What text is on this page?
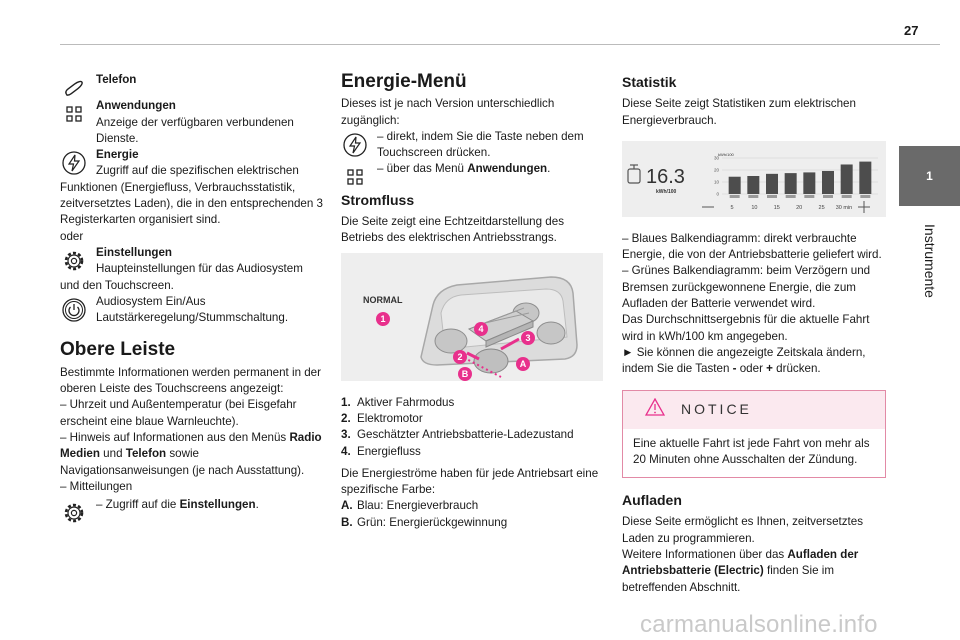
27
1
Instrumente
Telefon
Anwendungen
Anzeige der verfügbaren verbundenen Dienste.
Energie
Zugriff auf die spezifischen elektrischen Funktionen (Energiefluss, Verbrauchsstatistik, zeitversetztes Laden), die in den entsprechenden 3 Registerkarten organisiert sind.

oder

Einstellungen
Haupteinstellungen für das Audiosystem und den Touchscreen.
Audiosystem Ein/Aus Lautstärkeregelung/Stummschaltung.
Obere Leiste

Bestimmte Informationen werden permanent in der oberen Leiste des Touchscreens angezeigt:

– Uhrzeit und Außentemperatur (bei Eisgefahr erscheint eine blaue Warnleuchte).

– Hinweis auf Informationen aus den Menüs Radio Medien und Telefon sowie Navigationsanweisungen (je nach Ausstattung).

– Mitteilungen

– Zugriff auf die Einstellungen.
Energie-Menü

Dieses ist je nach Version unterschiedlich zugänglich:

– direkt, indem Sie die Taste neben dem Touchscreen drücken.
– über das Menü Anwendungen.
Stromfluss

Die Seite zeigt eine Echtzeitdarstellung des Betriebs des elektrischen Antriebsstrangs.

NORMAL
1
2
3
4
A
B
1. Aktiver Fahrmodus
2. Elektromotor
3. Geschätzter Antriebsbatterie-Ladezustand
4. Energiefluss

Die Energieströme haben für jede Antriebsart eine spezifische Farbe:

A. Blau: Energieverbrauch
B. Grün: Energierückgewinnung
Statistik

Diese Seite zeigt Statistiken zum elektrischen Energieverbrauch.

16.3
kWh/100
kWh/100
30
20
10
0
5	10	15	20	25 30 min

– Blaues Balkendiagramm: direkt verbrauchte Energie, die von der Antriebsbatterie geliefert wird.

– Grünes Balkendiagramm: beim Verzögern und Bremsen zurückgewonnene Energie, die zum Aufladen der Batterie verwendet wird.

Das Durchschnittsergebnis für die aktuelle Fahrt wird in kWh/100 km angegeben.

► Sie können die angezeigte Zeitskala ändern, indem Sie die Tasten - oder + drücken.

NOTICE
Eine aktuelle Fahrt ist jede Fahrt von mehr als 20 Minuten ohne Ausschalten der Zündung.
Aufladen

Diese Seite ermöglicht es Ihnen, zeitversetztes Laden zu programmieren.

Weitere Informationen über das Aufladen der Antriebsbatterie (Electric) finden Sie im betreffenden Abschnitt.

carmanualsonline.info
